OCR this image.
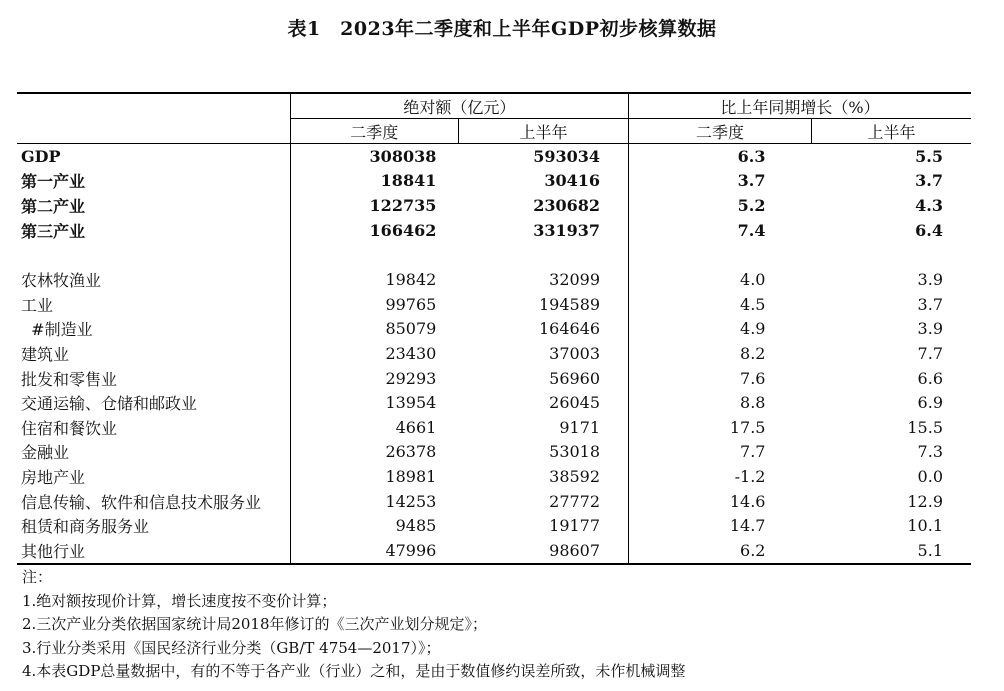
表1　2023年二季度和上半年GDP初步核算数据
	绝对额（亿元）		比上年同期增长（%）	
	二季度	上半年	二季度	上半年
GDP	308038	593034	6.3	5.5
第一产业	18841	30416	3.7	3.7
第二产业	122735	230682	5.2	4.3
第三产业	166462	331937	7.4	6.4

农林牧渔业	19842	32099	4.0	3.9
工业	99765	194589	4.5	3.7
#制造业	85079	164646	4.9	3.9
建筑业	23430	37003	8.2	7.7
批发和零售业	29293	56960	7.6	6.6
交通运输、仓储和邮政业	13954	26045	8.8	6.9
住宿和餐饮业	4661	9171	17.5	15.5
金融业	26378	53018	7.7	7.3
房地产业	18981	38592	-1.2	0.0
信息传输、软件和信息技术服务业	14253	27772	14.6	12.9
租赁和商务服务业	9485	19177	14.7	10.1
其他行业	47996	98607	6.2	5.1
注：
1.绝对额按现价计算，增长速度按不变价计算；
2.三次产业分类依据国家统计局2018年修订的《三次产业划分规定》；
3.行业分类采用《国民经济行业分类（GB/T 4754—2017）》；
4.本表GDP总量数据中，有的不等于各产业（行业）之和，是由于数值修约误差所致，未作机械调整
